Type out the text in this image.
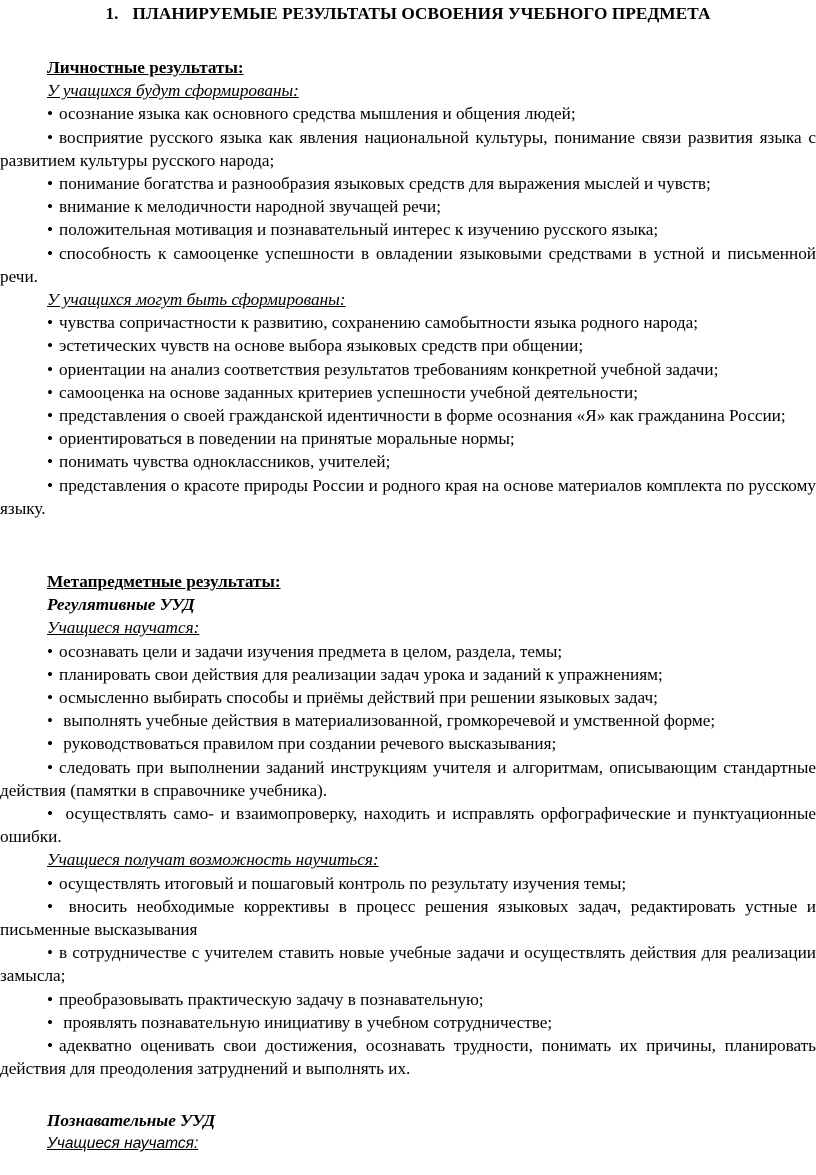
1. ПЛАНИРУЕМЫЕ РЕЗУЛЬТАТЫ ОСВОЕНИЯ УЧЕБНОГО ПРЕДМЕТА

Личностные результаты:

У учащихся будут сформированы:

• осознание языка как основного средства мышления и общения людей;

• восприятие русского языка как явления национальной культуры, понимание связи развития языка с развитием культуры русского народа;

• понимание богатства и разнообразия языковых средств для выражения мыслей и чувств;

• внимание к мелодичности народной звучащей речи;

• положительная мотивация и познавательный интерес к изучению русского языка;

• способность к самооценке успешности в овладении языковыми средствами в устной и письменной речи.

У учащихся могут быть сформированы:

• чувства сопричастности к развитию, сохранению самобытности языка родного народа;

• эстетических чувств на основе выбора языковых средств при общении;

• ориентации на анализ соответствия результатов требованиям конкретной учебной задачи;

• самооценка на основе заданных критериев успешности учебной деятельности;

• представления о своей гражданской идентичности в форме осознания «Я» как гражданина России;

• ориентироваться в поведении на принятые моральные нормы;

• понимать чувства одноклассников, учителей;

• представления о красоте природы России и родного края на основе материалов комплекта по русскому языку.

Метапредметные результаты:

Регулятивные УУД

Учащиеся научатся:

• осознавать цели и задачи изучения предмета в целом, раздела, темы;

• планировать свои действия для реализации задач урока и заданий к упражнениям;

• осмысленно выбирать способы и приёмы действий при решении языковых задач;

• выполнять учебные действия в материализованной, громкоречевой и умственной форме;

• руководствоваться правилом при создании речевого высказывания;

• следовать при выполнении заданий инструкциям учителя и алгоритмам, описывающим стандартные действия (памятки в справочнике учебника).

• осуществлять само- и взаимопроверку, находить и исправлять орфографические и пунктуационные ошибки.

Учащиеся получат возможность научиться:

• осуществлять итоговый и пошаговый контроль по результату изучения темы;

• вносить необходимые коррективы в процесс решения языковых задач, редактировать устные и письменные высказывания

• в сотрудничестве с учителем ставить новые учебные задачи и осуществлять действия для реализации замысла;

• преобразовывать практическую задачу в познавательную;

• проявлять познавательную инициативу в учебном сотрудничестве;

• адекватно оценивать свои достижения, осознавать трудности, понимать их причины, планировать действия для преодоления затруднений и выполнять их.

Познавательные УУД

Учащиеся научатся:
